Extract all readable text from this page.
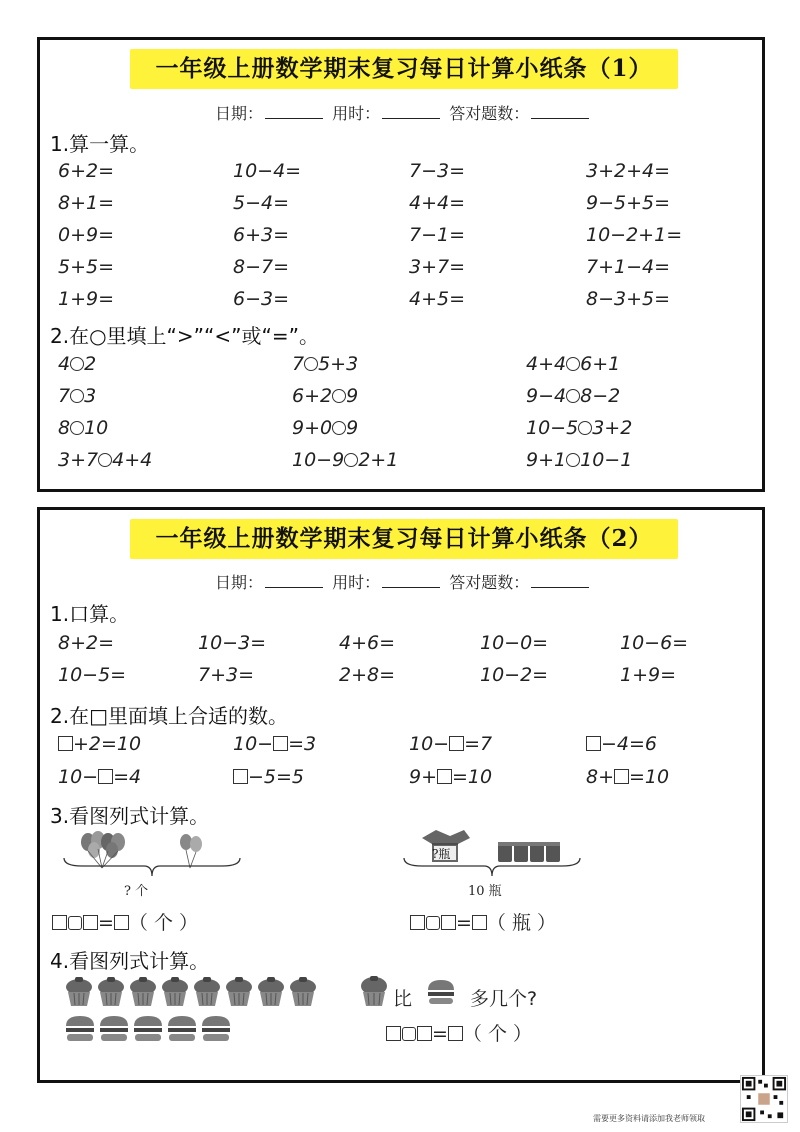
一年级上册数学期末复习每日计算小纸条（1）
日期：	用时：	答对题数：
1.算一算。
6+2=	10−4=	7−3=	3+2+4=
8+1=	5−4=	4+4=	9−5+5=
0+9=	6+3=	7−1=	10−2+1=
5+5=	8−7=	3+7=	7+1−4=
1+9=	6−3=	4+5=	8−3+5=
2.在○里填上“>”“<”或“=”。
4 2	7 5+3	4+4 6+1
7 3	6+2 9	9−4 8−2
8 10	9+0 9	10−5 3+2
3+7 4+4	10−9 2+1	9+1 10−1
一年级上册数学期末复习每日计算小纸条（2）
日期：	用时：	答对题数：
1.口算。
8+2=	10−3=	4+6=	10−0=	10−6=
10−5=	7+3=	2+8=	10−2=	1+9=
2.在□里面填上合适的数。
+2=10	10− =3	10− =7	−4=6
10− =4	−5=5	9+ =10	8+ =10
3.看图列式计算。
? 个
= （ 个 ）
?瓶
10 瓶
= （ 瓶 ）
4.看图列式计算。
比	多几个?
= （ 个 ）
需要更多资料请添加我老师领取
